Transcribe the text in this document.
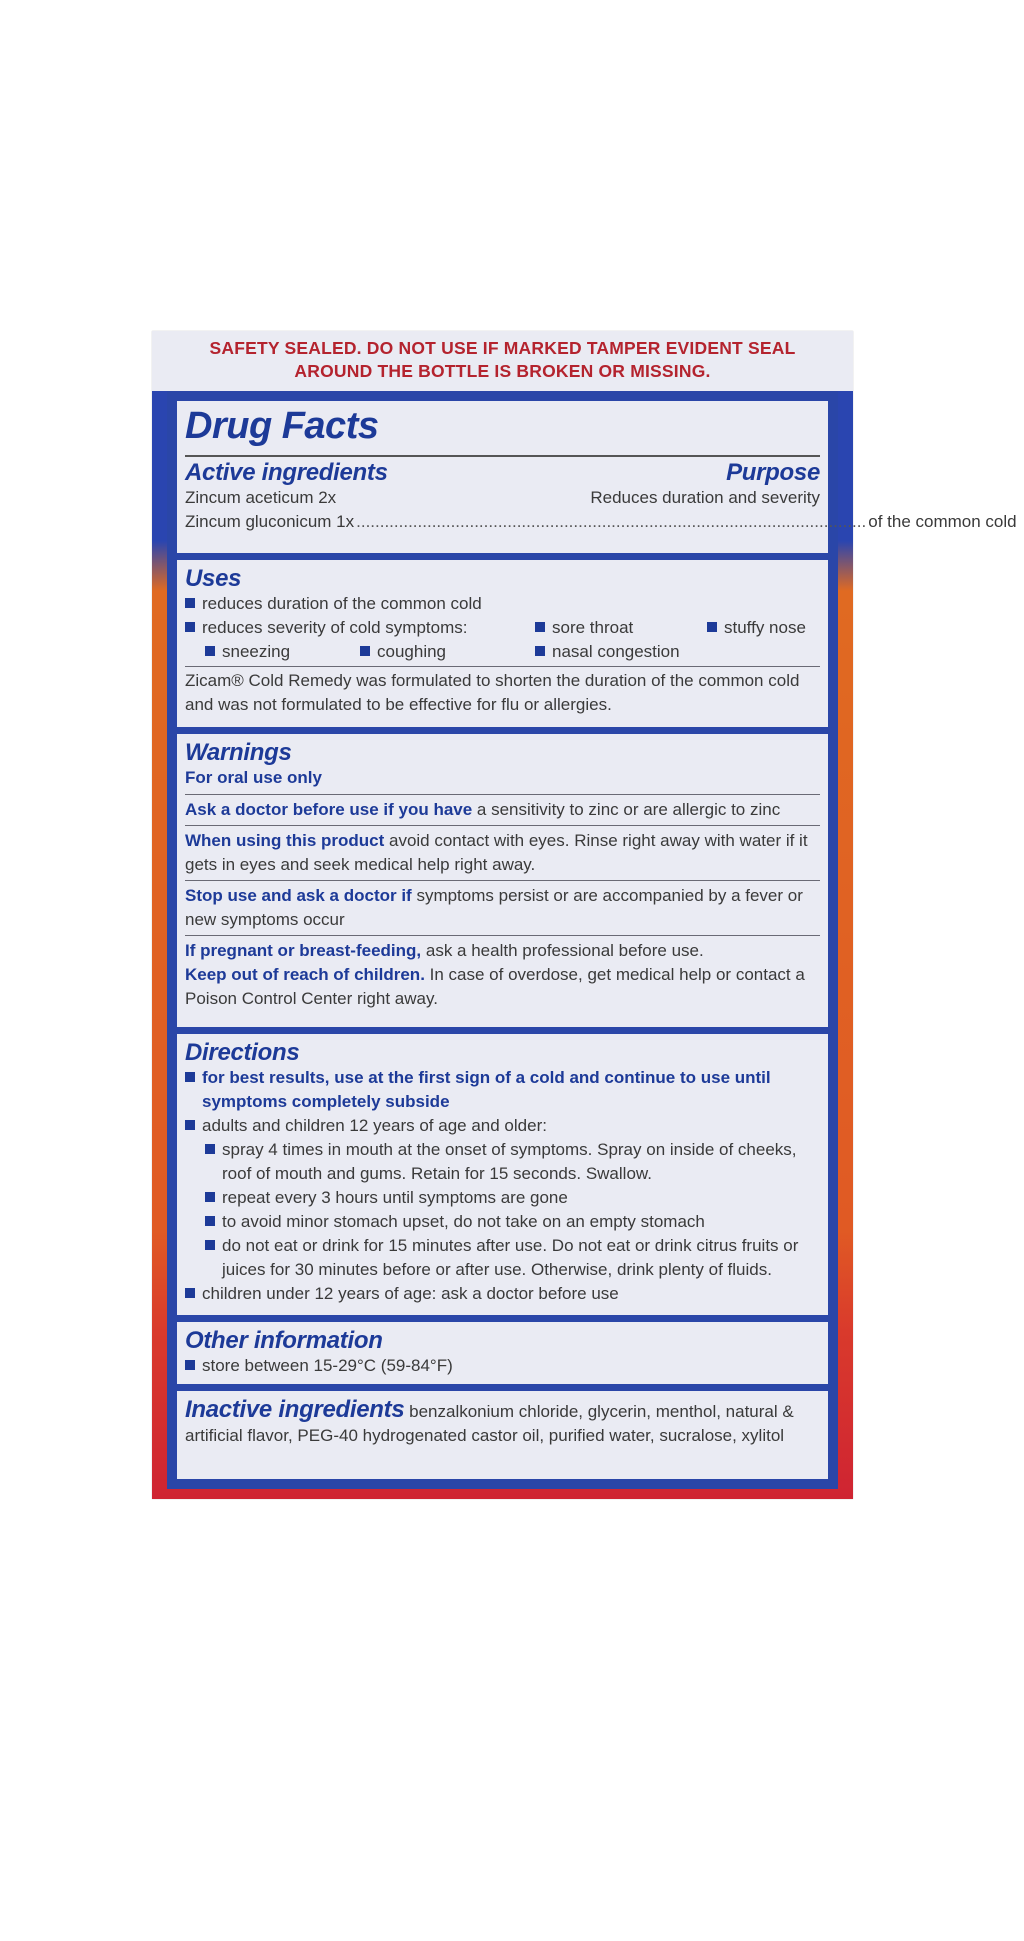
SAFETY SEALED. DO NOT USE IF MARKED TAMPER EVIDENT SEAL
AROUND THE BOTTLE IS BROKEN OR MISSING.
Drug Facts
Active ingredients	Purpose
Zincum aceticum 2x	Reduces duration and severity
Zincum gluconicum 1x ............................................................................................................ of the common cold
Uses
reduces duration of the common cold
reduces severity of cold symptoms:	sore throat	stuffy nose
sneezing	coughing	nasal congestion
Zicam® Cold Remedy was formulated to shorten the duration of the common cold and was not formulated to be effective for flu or allergies.
Warnings
For oral use only
Ask a doctor before use if you have a sensitivity to zinc or are allergic to zinc
When using this product avoid contact with eyes. Rinse right away with water if it gets in eyes and seek medical help right away.
Stop use and ask a doctor if symptoms persist or are accompanied by a fever or new symptoms occur
If pregnant or breast-feeding, ask a health professional before use.
Keep out of reach of children. In case of overdose, get medical help or contact a Poison Control Center right away.
Directions
for best results, use at the first sign of a cold and continue to use until symptoms completely subside
adults and children 12 years of age and older:
spray 4 times in mouth at the onset of symptoms. Spray on inside of cheeks, roof of mouth and gums. Retain for 15 seconds. Swallow.
repeat every 3 hours until symptoms are gone
to avoid minor stomach upset, do not take on an empty stomach
do not eat or drink for 15 minutes after use. Do not eat or drink citrus fruits or juices for 30 minutes before or after use. Otherwise, drink plenty of fluids.
children under 12 years of age: ask a doctor before use
Other information
store between 15-29°C (59-84°F)
Inactive ingredients benzalkonium chloride, glycerin, menthol, natural & artificial flavor, PEG-40 hydrogenated castor oil, purified water, sucralose, xylitol
